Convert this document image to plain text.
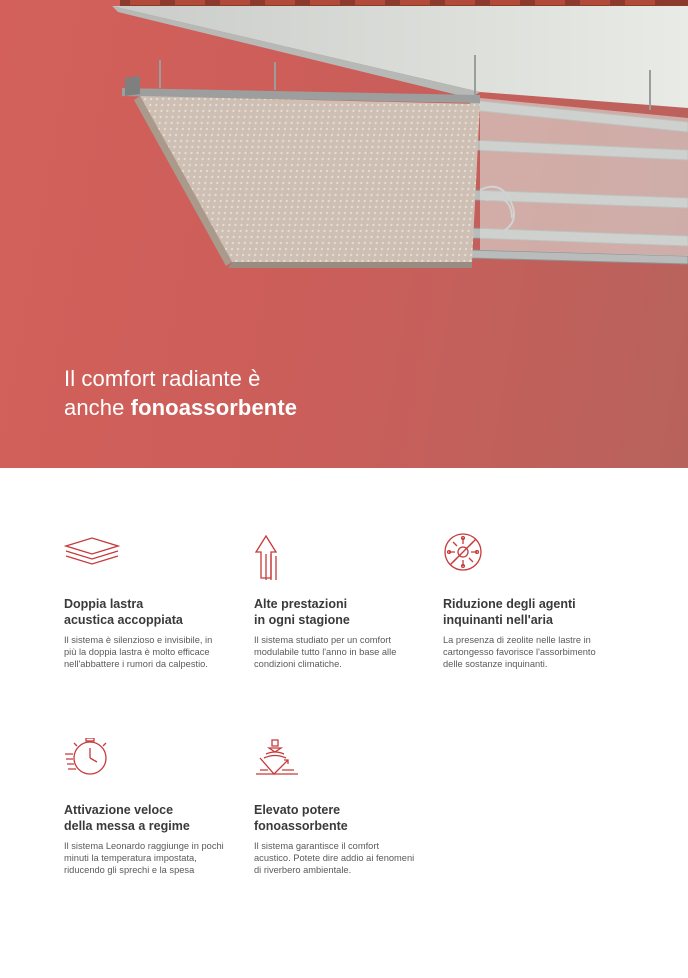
Il comfort radiante è
anche fonoassorbente
Doppia lastra
acustica accoppiata
Il sistema è silenzioso e invisibile, in
più la doppia lastra è molto efficace
nell'abbattere i rumori da calpestio.
Alte prestazioni
in ogni stagione
Il sistema studiato per un comfort
modulabile tutto l'anno in base alle
condizioni climatiche.
Riduzione degli agenti
inquinanti nell'aria
La presenza di zeolite nelle lastre in
cartongesso favorisce l'assorbimento
delle sostanze inquinanti.
Attivazione veloce
della messa a regime
Il sistema Leonardo raggiunge in pochi
minuti la temperatura impostata,
riducendo gli sprechi e la spesa
Elevato potere
fonoassorbente
Il sistema garantisce il comfort
acustico. Potete dire addio ai fenomeni
di riverbero ambientale.
